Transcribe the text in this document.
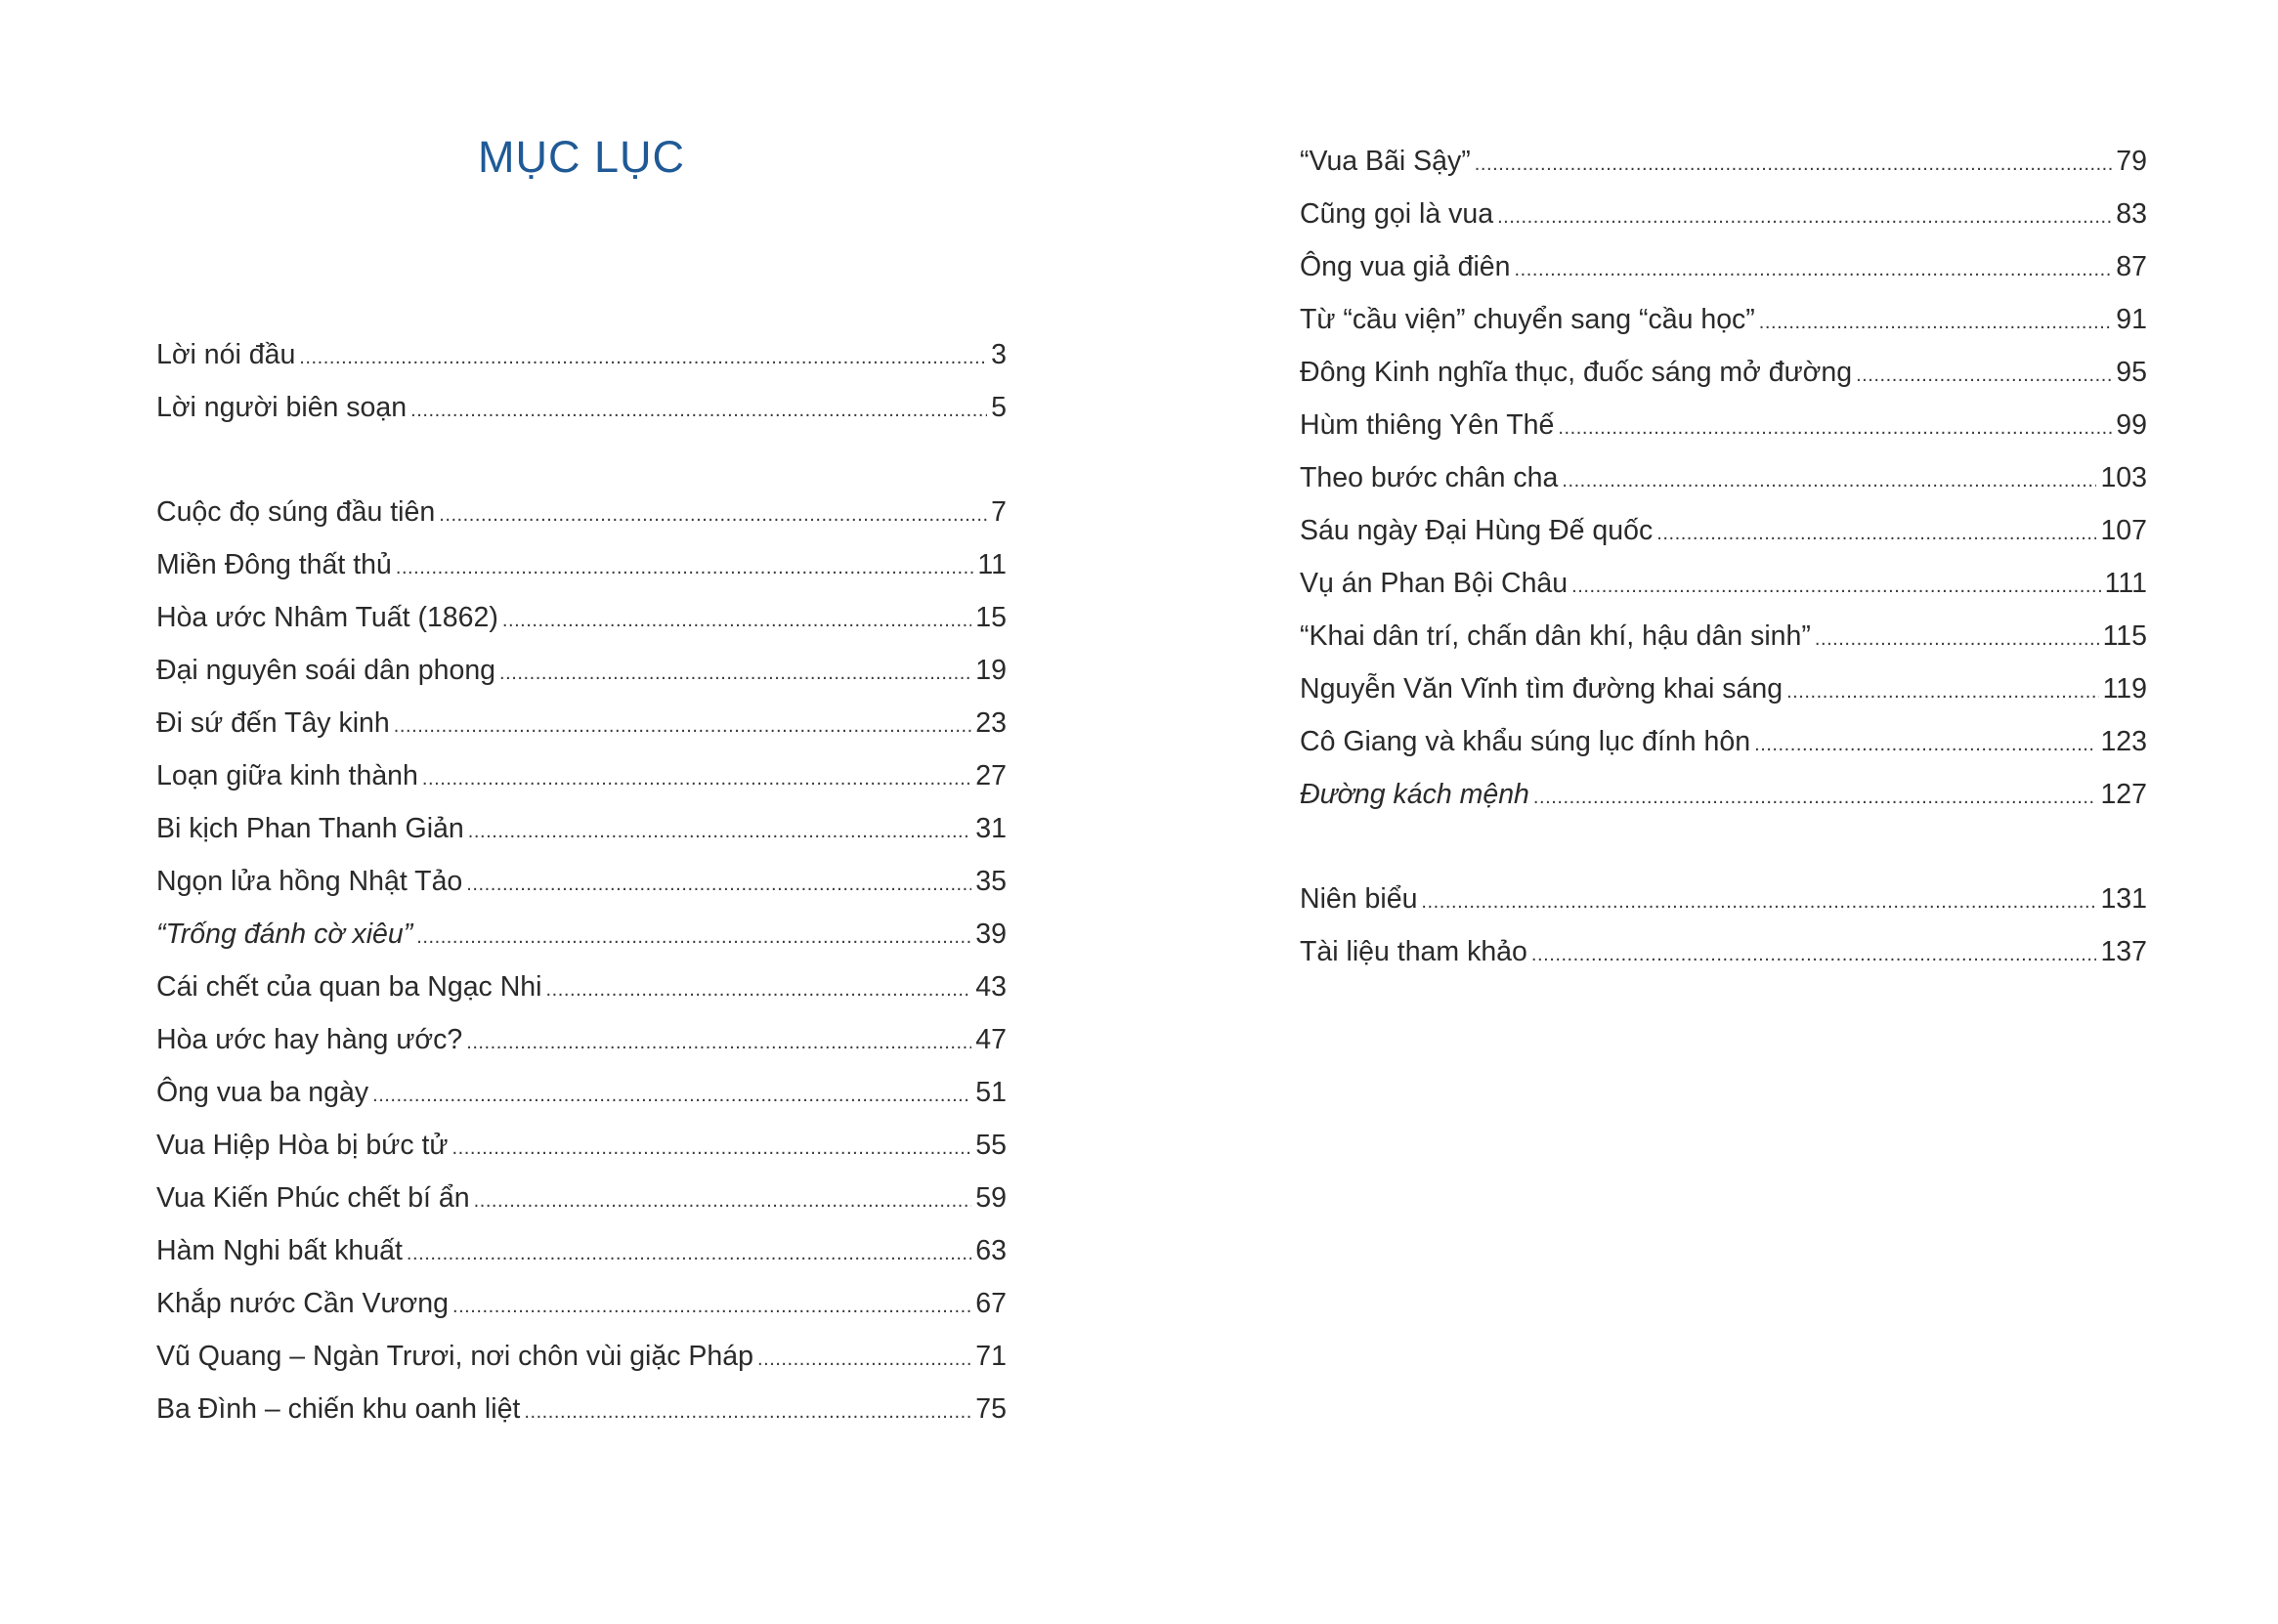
MỤC LỤC
Lời nói đầu . . .	3
Lời người biên soạn . . .	5
Cuộc đọ súng đầu tiên . . .	7
Miền Đông thất thủ . . .	11
Hòa ước Nhâm Tuất (1862) . . .	15
Đại nguyên soái dân phong . . .	19
Đi sứ đến Tây kinh . . .	23
Loạn giữa kinh thành . . .	27
Bi kịch Phan Thanh Giản . . .	31
Ngọn lửa hồng Nhật Tảo . . .	35
“Trống đánh cờ xiêu” . . .	39
Cái chết của quan ba Ngạc Nhi . . .	43
Hòa ước hay hàng ước? . . .	47
Ông vua ba ngày . . .	51
Vua Hiệp Hòa bị bức tử . . .	55
Vua Kiến Phúc chết bí ẩn . . .	59
Hàm Nghi bất khuất . . .	63
Khắp nước Cần Vương . . .	67
Vũ Quang – Ngàn Trươi, nơi chôn vùi giặc Pháp . . .	71
Ba Đình – chiến khu oanh liệt . . .	75
“Vua Bãi Sậy” . . .	79
Cũng gọi là vua . . .	83
Ông vua giả điên . . .	87
Từ “cầu viện” chuyển sang “cầu học” . . .	91
Đông Kinh nghĩa thục, đuốc sáng mở đường . . .	95
Hùm thiêng Yên Thế . . .	99
Theo bước chân cha . . .	103
Sáu ngày Đại Hùng Đế quốc . . .	107
Vụ án Phan Bội Châu . . .	111
“Khai dân trí, chấn dân khí, hậu dân sinh” . . .	115
Nguyễn Văn Vĩnh tìm đường khai sáng . . .	119
Cô Giang và khẩu súng lục đính hôn . . .	123
Đường kách mệnh . . .	127
Niên biểu . . .	131
Tài liệu tham khảo . . .	137
